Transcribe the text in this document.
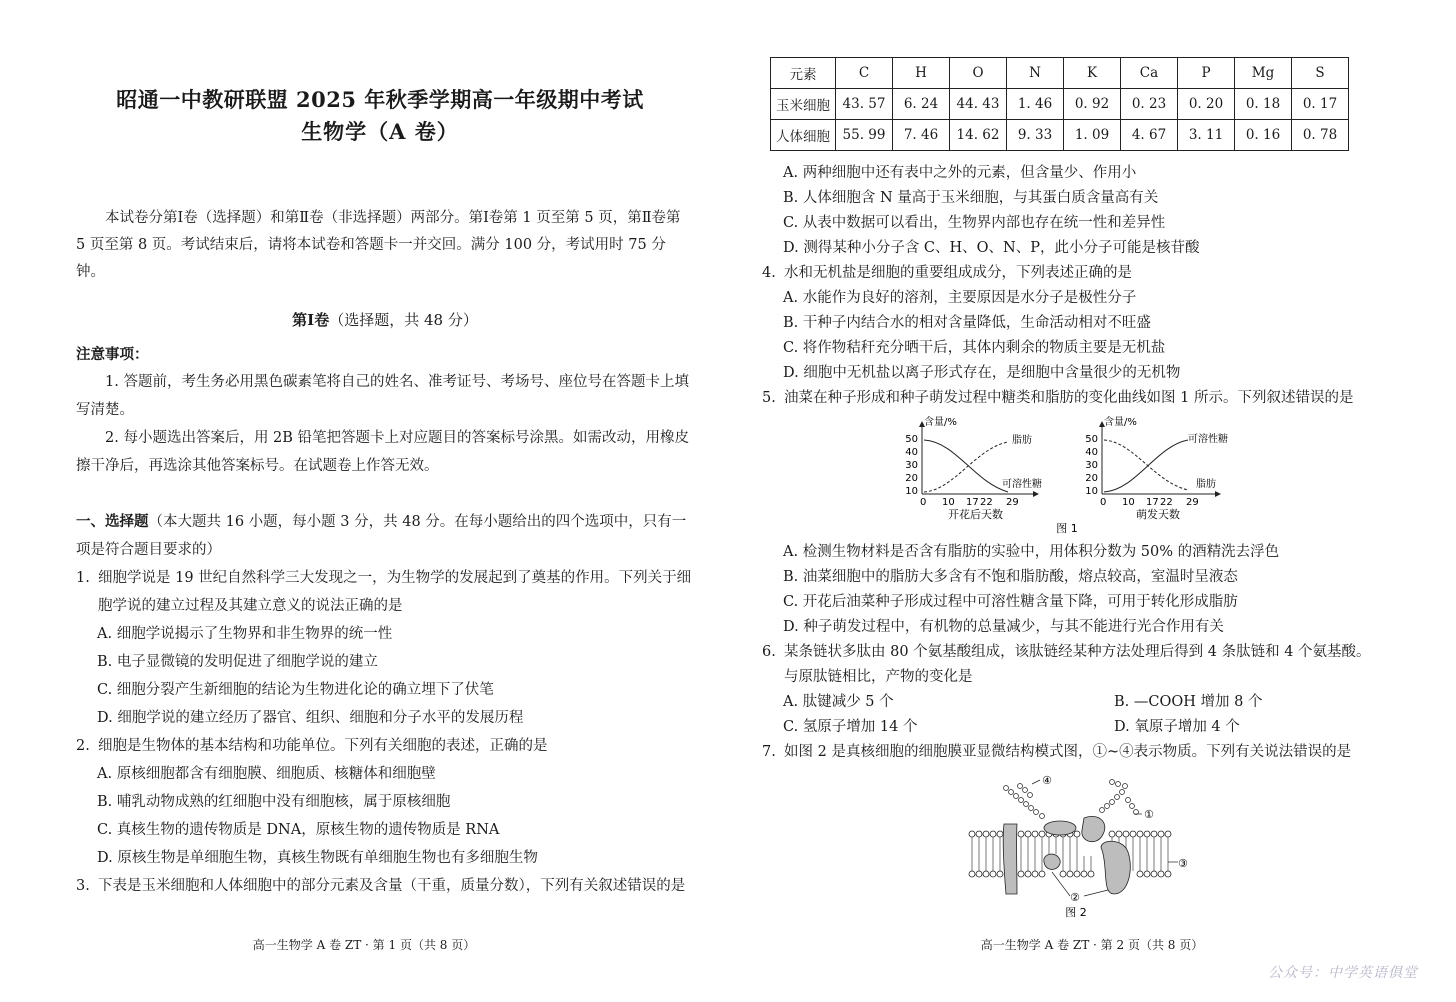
昭通一中教研联盟 2025 年秋季学期高一年级期中考试
生物学（A 卷）
本试卷分第Ⅰ卷（选择题）和第Ⅱ卷（非选择题）两部分。第Ⅰ卷第 1 页至第 5 页，第Ⅱ卷第 5 页至第 8 页。考试结束后，请将本试卷和答题卡一并交回。满分 100 分，考试用时 75 分钟。
第Ⅰ卷（选择题，共 48 分）
注意事项：
1. 答题前，考生务必用黑色碳素笔将自己的姓名、准考证号、考场号、座位号在答题卡上填写清楚。
2. 每小题选出答案后，用 2B 铅笔把答题卡上对应题目的答案标号涂黑。如需改动，用橡皮擦干净后，再选涂其他答案标号。在试题卷上作答无效。
一、选择题（本大题共 16 小题，每小题 3 分，共 48 分。在每小题给出的四个选项中，只有一项是符合题目要求的）
1. 细胞学说是 19 世纪自然科学三大发现之一，为生物学的发展起到了奠基的作用。下列关于细胞学说的建立过程及其建立意义的说法正确的是
A. 细胞学说揭示了生物界和非生物界的统一性
B. 电子显微镜的发明促进了细胞学说的建立
C. 细胞分裂产生新细胞的结论为生物进化论的确立埋下了伏笔
D. 细胞学说的建立经历了器官、组织、细胞和分子水平的发展历程
2. 细胞是生物体的基本结构和功能单位。下列有关细胞的表述，正确的是
A. 原核细胞都含有细胞膜、细胞质、核糖体和细胞壁
B. 哺乳动物成熟的红细胞中没有细胞核，属于原核细胞
C. 真核生物的遗传物质是 DNA，原核生物的遗传物质是 RNA
D. 原核生物是单细胞生物，真核生物既有单细胞生物也有多细胞生物
3. 下表是玉米细胞和人体细胞中的部分元素及含量（干重，质量分数），下列有关叙述错误的是
高一生物学 A 卷 ZT · 第 1 页（共 8 页）	高一生物学 A 卷 ZT · 第 2 页（共 8 页）
元素	C	H	O	N	K	Ca	P	Mg	S
玉米细胞	43. 57	6. 24	44. 43	1. 46	0. 92	0. 23	0. 20	0. 18	0. 17
人体细胞	55. 99	7. 46	14. 62	9. 33	1. 09	4. 67	3. 11	0. 16	0. 78
A. 两种细胞中还有表中之外的元素，但含量少、作用小
B. 人体细胞含 N 量高于玉米细胞，与其蛋白质含量高有关
C. 从表中数据可以看出，生物界内部也存在统一性和差异性
D. 测得某种小分子含 C、H、O、N、P，此小分子可能是核苷酸
4. 水和无机盐是细胞的重要组成成分，下列表述正确的是
A. 水能作为良好的溶剂，主要原因是水分子是极性分子
B. 干种子内结合水的相对含量降低，生命活动相对不旺盛
C. 将作物秸秆充分晒干后，其体内剩余的物质主要是无机盐
D. 细胞中无机盐以离子形式存在，是细胞中含量很少的无机物
5. 油菜在种子形成和种子萌发过程中糖类和脂肪的变化曲线如图 1 所示。下列叙述错误的是
含量/%
50
40
30
20
10
0 10 17 22 29
开花后天数
脂肪
可溶性糖
含量/%
50
40
30
20
10
0 10 17 22 29
萌发天数
可溶性糖
脂肪
图 1
A. 检测生物材料是否含有脂肪的实验中，用体积分数为 50% 的酒精洗去浮色
B. 油菜细胞中的脂肪大多含有不饱和脂肪酸，熔点较高，室温时呈液态
C. 开花后油菜种子形成过程中可溶性糖含量下降，可用于转化形成脂肪
D. 种子萌发过程中，有机物的总量减少，与其不能进行光合作用有关
6. 某条链状多肽由 80 个氨基酸组成，该肽链经某种方法处理后得到 4 条肽链和 4 个氨基酸。与原肽链相比，产物的变化是
A. 肽键减少 5 个	B. —COOH 增加 8 个
C. 氢原子增加 14 个	D. 氧原子增加 4 个
7. 如图 2 是真核细胞的细胞膜亚显微结构模式图，①~④表示物质。下列有关说法错误的是
④
①
③
②
图 2
公众号：中学英语俱堂
